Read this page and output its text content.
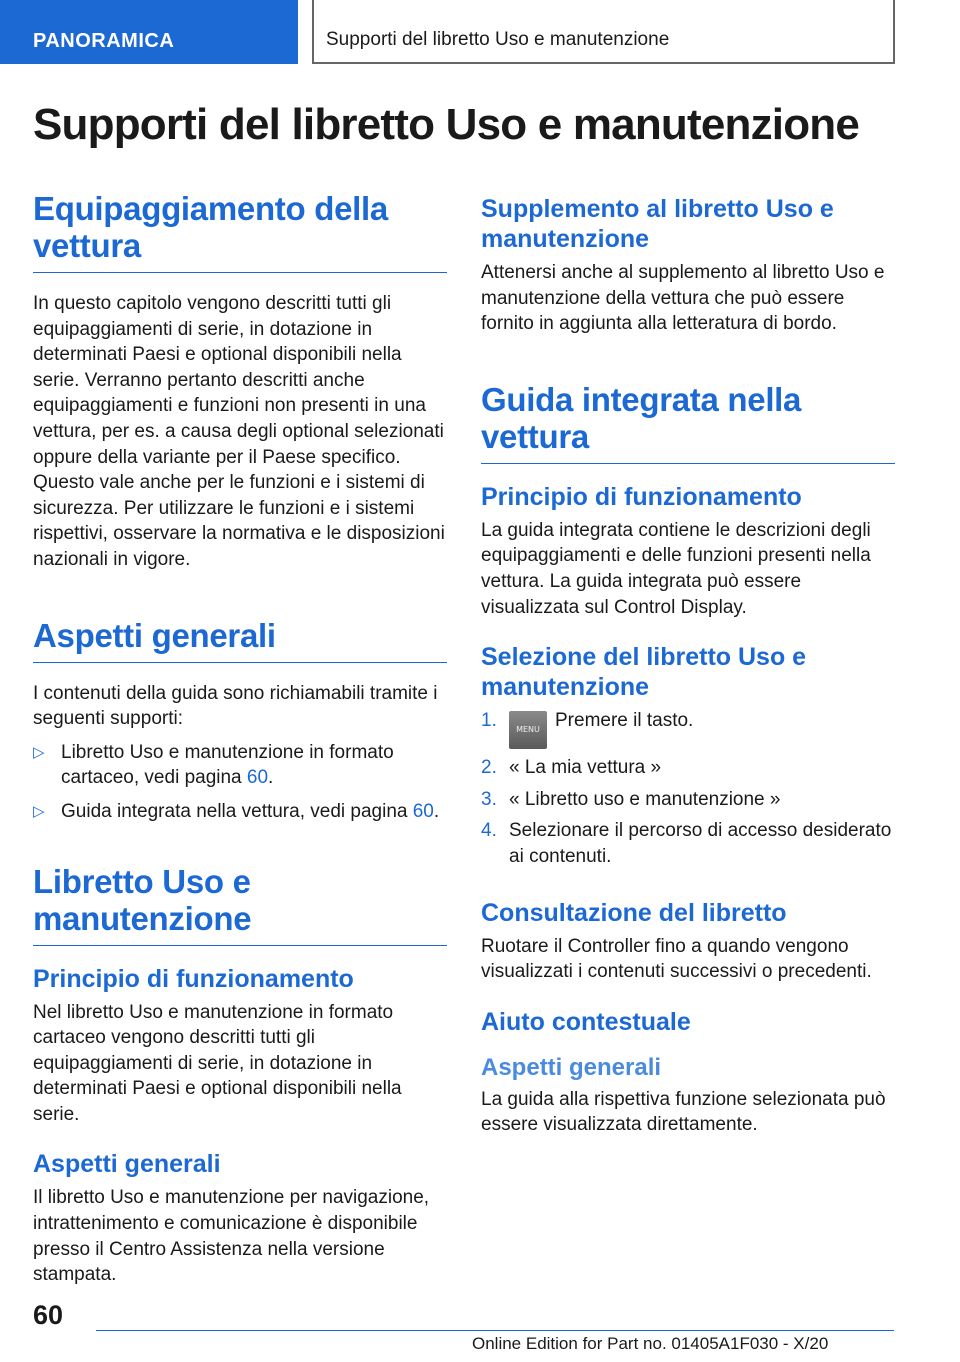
PANORAMICA	Supporti del libretto Uso e manutenzione
Supporti del libretto Uso e manutenzione
Equipaggiamento della vettura

In questo capitolo vengono descritti tutti gli equipaggiamenti di serie, in dotazione in determinati Paesi e optional disponibili nella serie. Verranno pertanto descritti anche equipaggiamenti e funzioni non presenti in una vettura, per es. a causa degli optional selezionati oppure della variante per il Paese specifico. Questo vale anche per le funzioni e i sistemi di sicurezza. Per utilizzare le funzioni e i sistemi rispettivi, osservare la normativa e le disposizioni nazionali in vigore.

Aspetti generali

I contenuti della guida sono richiamabili tramite i seguenti supporti:

▷ Libretto Uso e manutenzione in formato cartaceo, vedi pagina 60.
▷ Guida integrata nella vettura, vedi pagina 60.
Libretto Uso e manutenzione
Principio di funzionamento

Nel libretto Uso e manutenzione in formato cartaceo vengono descritti tutti gli equipaggiamenti di serie, in dotazione in determinati Paesi e optional disponibili nella serie.

Aspetti generali

Il libretto Uso e manutenzione per navigazione, intrattenimento e comunicazione è disponibile presso il Centro Assistenza nella versione stampata.

Supplemento al libretto Uso e manutenzione

Attenersi anche al supplemento al libretto Uso e manutenzione della vettura che può essere fornito in aggiunta alla letteratura di bordo.

Guida integrata nella vettura
Principio di funzionamento

La guida integrata contiene le descrizioni degli equipaggiamenti e delle funzioni presenti nella vettura. La guida integrata può essere visualizzata sul Control Display.

Selezione del libretto Uso e manutenzione
1. MENU Premere il tasto.
2. « La mia vettura »
3. « Libretto uso e manutenzione »
4. Selezionare il percorso di accesso desiderato ai contenuti.
Consultazione del libretto

Ruotare il Controller fino a quando vengono visualizzati i contenuti successivi o precedenti.

Aiuto contestuale
Aspetti generali

La guida alla rispettiva funzione selezionata può essere visualizzata direttamente.

60
Online Edition for Part no. 01405A1F030 - X/20
